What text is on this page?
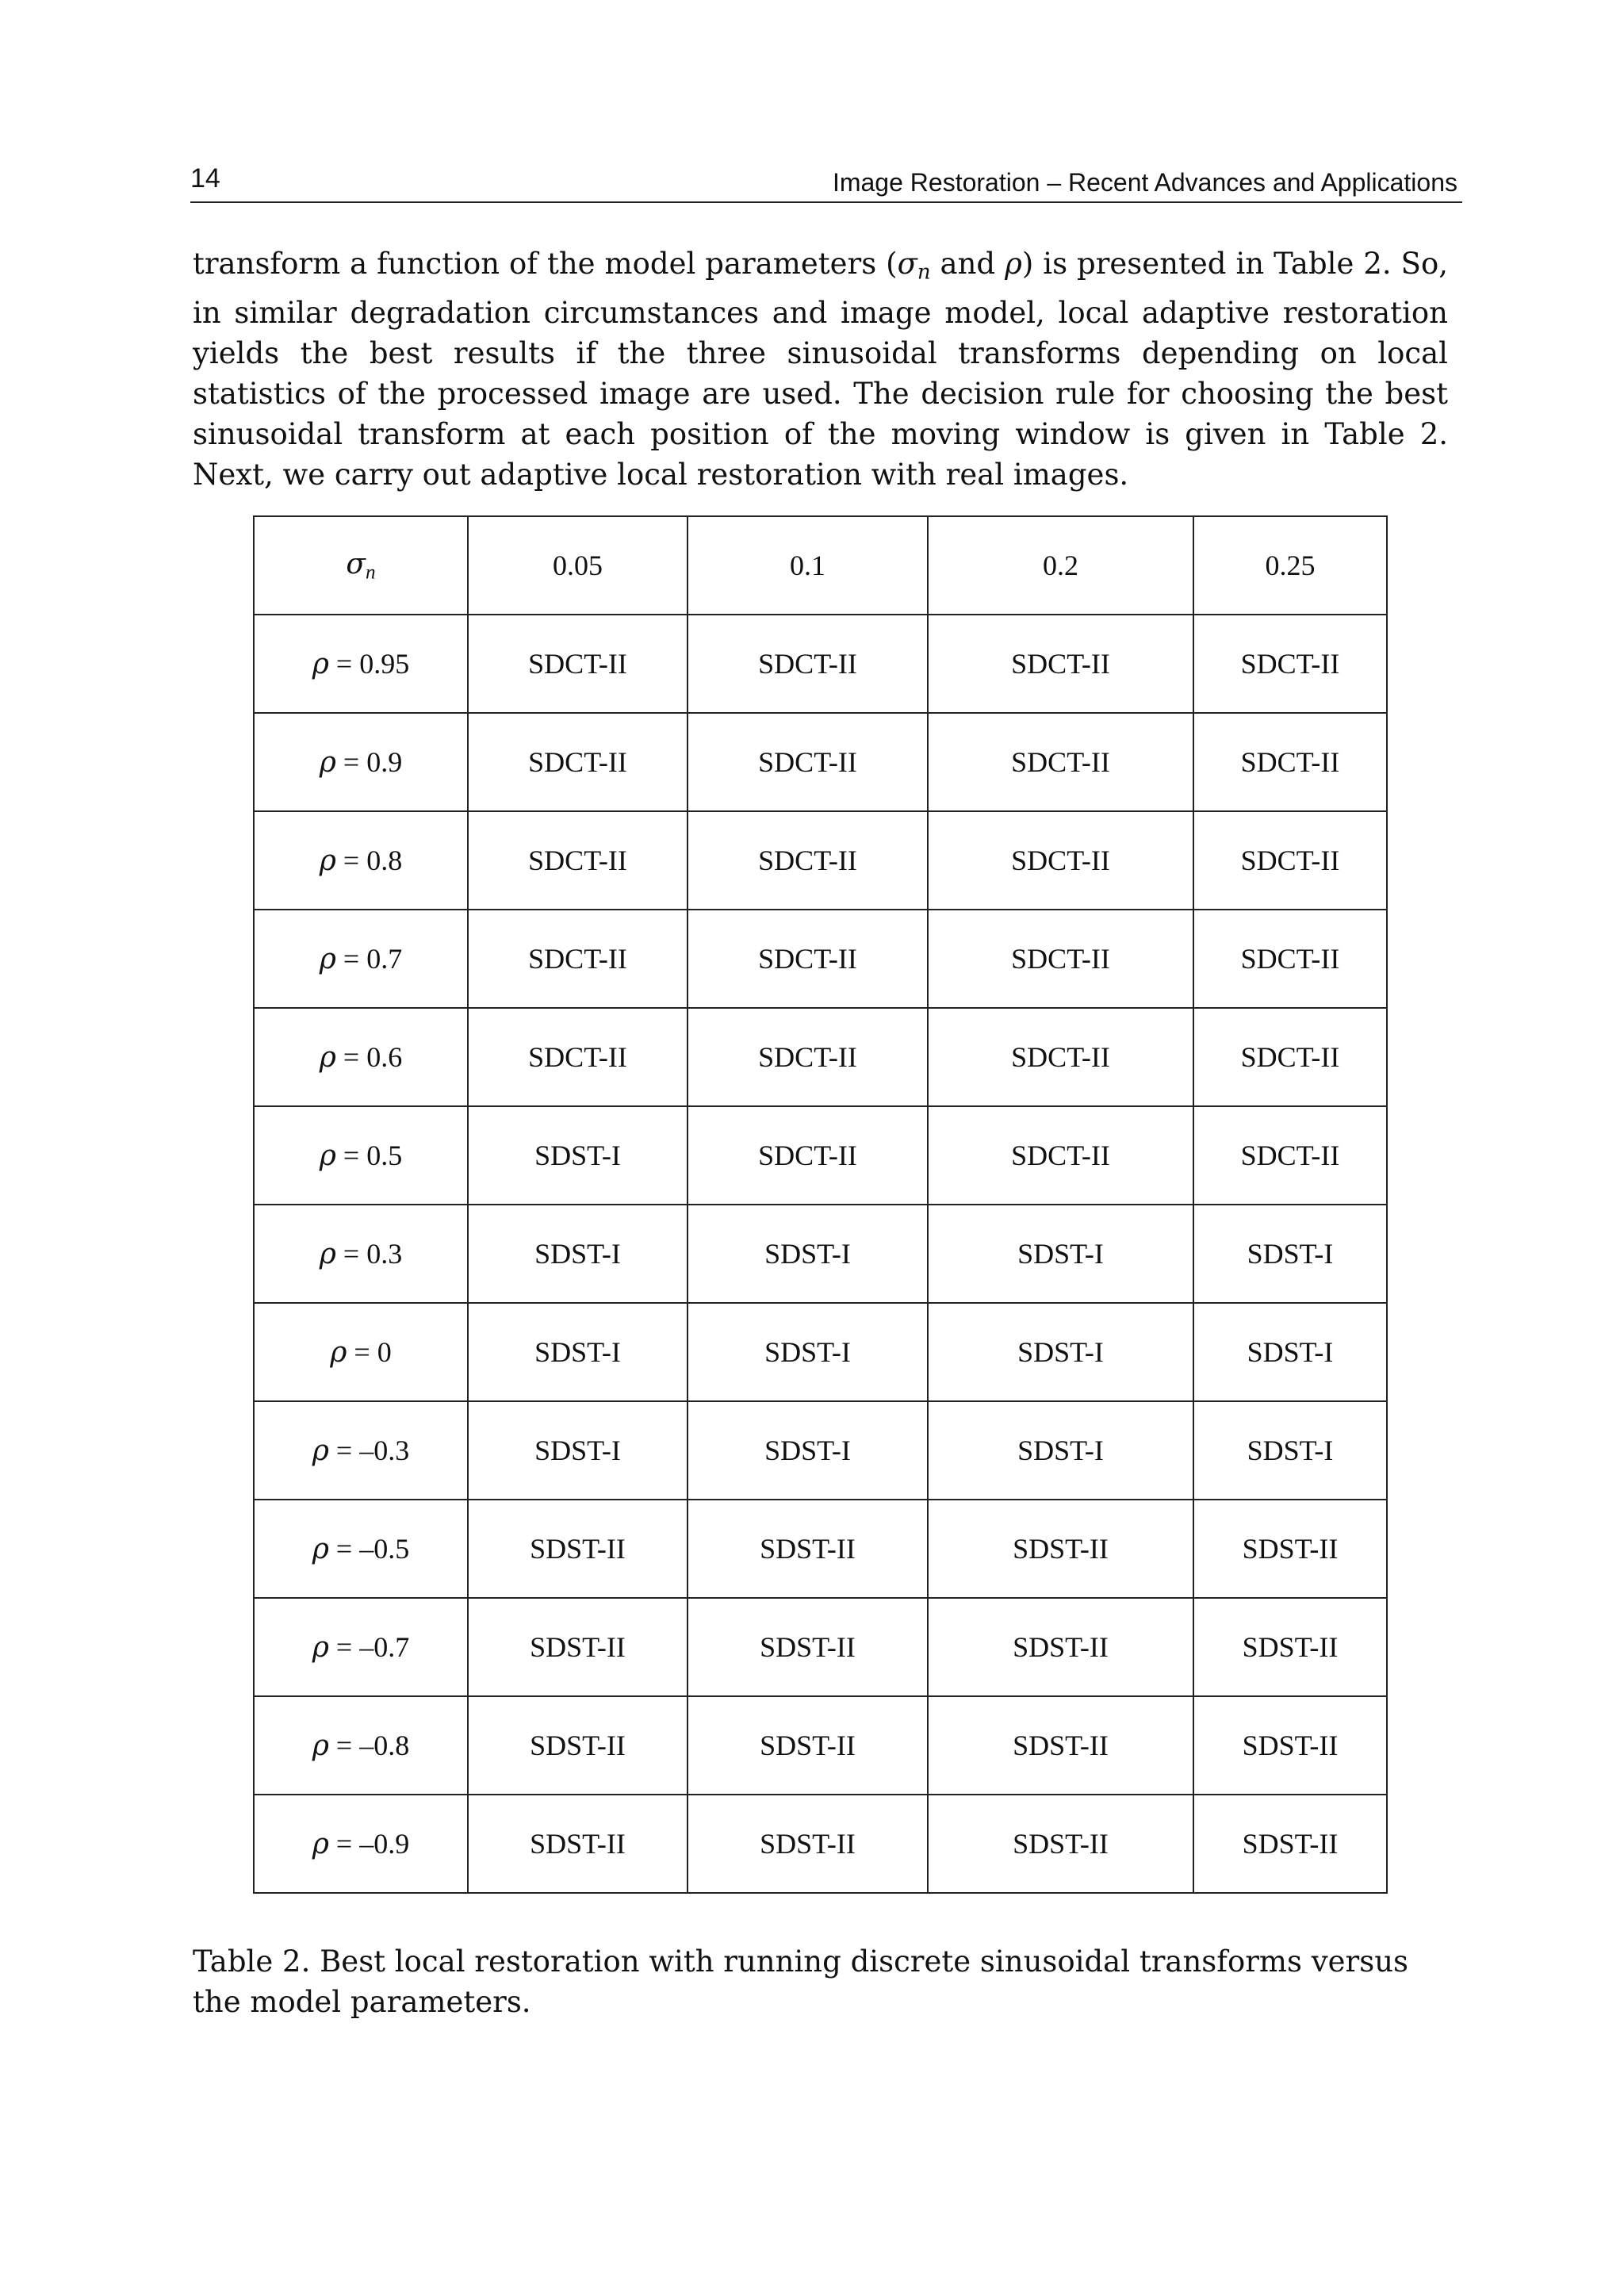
14	Image Restoration – Recent Advances and Applications

transform a function of the model parameters ($\sigma_n$ and ρ) is presented in Table 2. So, in similar degradation circumstances and image model, local adaptive restoration yields the best results if the three sinusoidal transforms depending on local statistics of the processed image are used. The decision rule for choosing the best sinusoidal transform at each position of the moving window is given in Table 2. Next, we carry out adaptive local restoration with real images.

$\sigma_n$	0.05	0.1	0.2	0.25
ρ = 0.95	SDCT-II	SDCT-II	SDCT-II	SDCT-II
ρ = 0.9	SDCT-II	SDCT-II	SDCT-II	SDCT-II
ρ = 0.8	SDCT-II	SDCT-II	SDCT-II	SDCT-II
ρ = 0.7	SDCT-II	SDCT-II	SDCT-II	SDCT-II
ρ = 0.6	SDCT-II	SDCT-II	SDCT-II	SDCT-II
ρ = 0.5	SDST-I	SDCT-II	SDCT-II	SDCT-II
ρ = 0.3	SDST-I	SDST-I	SDST-I	SDST-I
ρ = 0	SDST-I	SDST-I	SDST-I	SDST-I
ρ = –0.3	SDST-I	SDST-I	SDST-I	SDST-I
ρ = –0.5	SDST-II	SDST-II	SDST-II	SDST-II
ρ = –0.7	SDST-II	SDST-II	SDST-II	SDST-II
ρ = –0.8	SDST-II	SDST-II	SDST-II	SDST-II
ρ = –0.9	SDST-II	SDST-II	SDST-II	SDST-II

Table 2. Best local restoration with running discrete sinusoidal transforms versus the model parameters.
